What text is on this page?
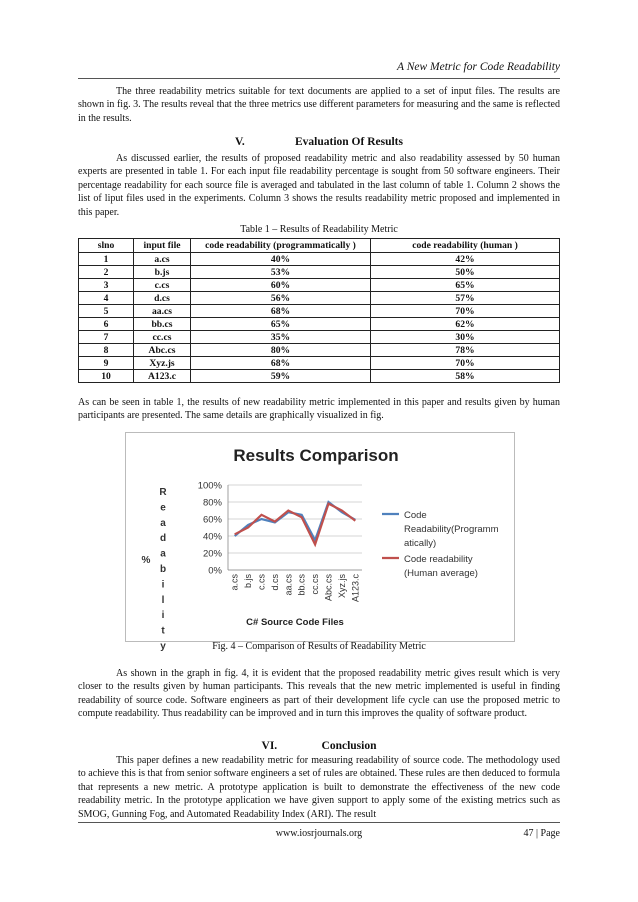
A New Metric for Code Readability

The three readability metrics suitable for text documents are applied to a set of input files. The results are shown in fig. 3. The results reveal that the three metrics use different parameters for measuring and the same is reflected in the results.

V.	Evaluation Of Results

As discussed earlier, the results of proposed readability metric and also readability assessed by 50 human experts are presented in table 1. For each input file readability percentage is sought from 50 software engineers. Their percentage readability for each source file is averaged and tabulated in the last column of table 1. Column 2 shows the list of liput files used in the experiments. Column 3 shows the results readability metric proposed and implemented in this paper.

Table 1 – Results of Readability Metric
slno	input file	code readability (programmatically )	code readability (human )
1	a.cs	40%	42%
2	b.js	53%	50%
3	c.cs	60%	65%
4	d.cs	56%	57%
5	aa.cs	68%	70%
6	bb.cs	65%	62%
7	cc.cs	35%	30%
8	Abc.cs	80%	78%
9	Xyz.js	68%	70%
10	A123.c	59%	58%

As can be seen in table 1, the results of new readability metric implemented in this paper and results given by human participants are presented. The same details are graphically visualized in fig.

Results Comparison
0%
20%
40%
60%
80%
100%
a.cs b.js c.cs d.cs aa.cs bb.cs cc.cs Abc.cs Xyz.js A123.c
C# Source Code Files
R
e
a
d
a
b
i
l
i
t
y
%
Code
Readability(Programm
atically)
Code readability
(Human average)
Fig. 4 – Comparison of Results of Readability Metric

As shown in the graph in fig. 4, it is evident that the proposed readability metric gives result which is very closer to the results given by human participants. This reveals that the new metric implemented is useful in finding readability of source code. Software engineers as part of their development life cycle can use the proposed metric to compute readability. Thus readability can be improved and in turn this improves the quality of software product.

VI.	Conclusion

This paper defines a new readability metric for measuring readability of source code. The methodology used to achieve this is that from senior software engineers a set of rules are obtained. These rules are then deduced to formula that represents a new metric. A prototype application is built to demonstrate the effectiveness of the new code readability metric. In the prototype application we have given support to apply some of the existing metrics such as SMOG, Gunning Fog, and Automated Readability Index (ARI). The result

www.iosrjournals.org	47 | Page
